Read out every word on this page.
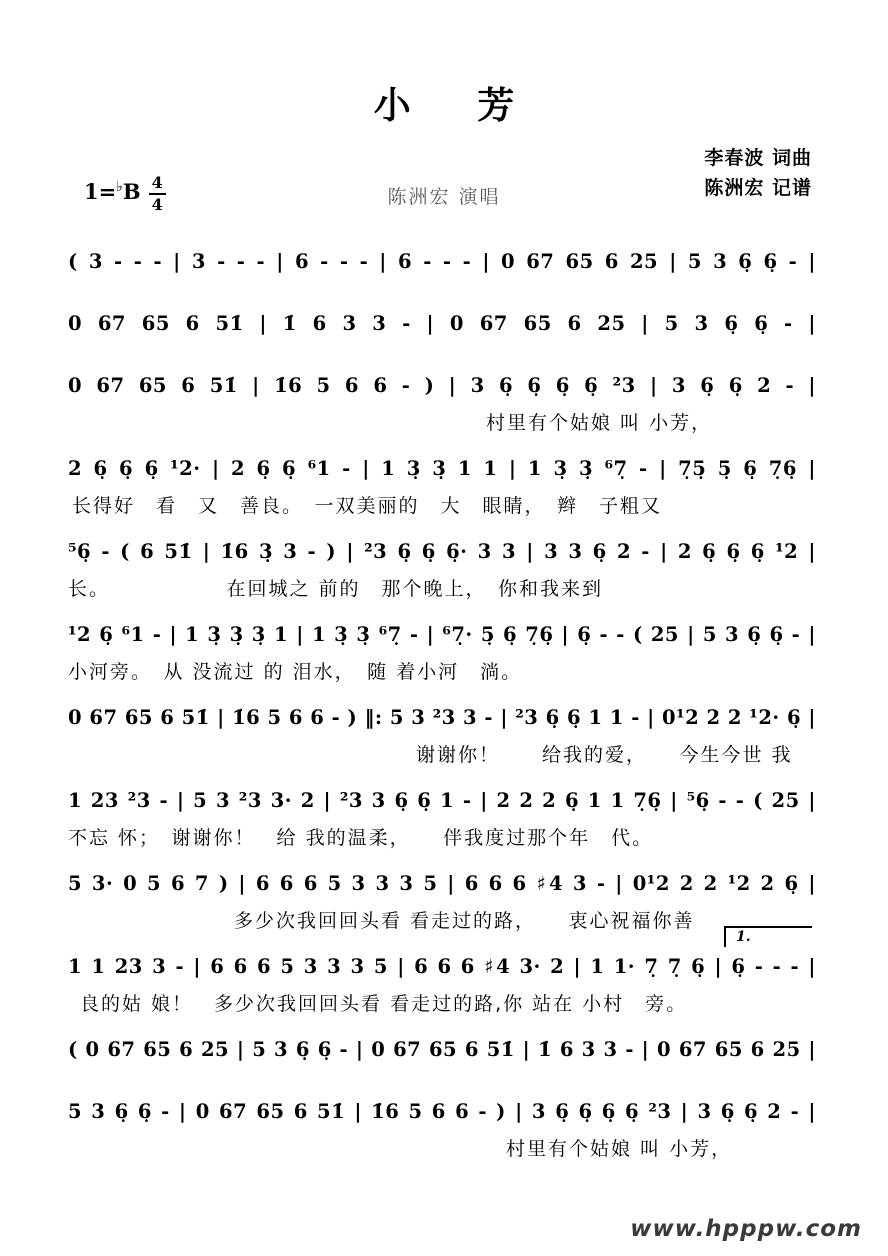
小芳
$1=^♭B \frac{4}{4}$	陈洲宏 演唱
李春波 词曲
陈洲宏 记谱
( 3 - - - | 3 - - - | 6 - - - | 6 - - - | 0 67 65 6 25 | 5 3 6̣ 6̣ - |
0 67 65 6 51̇ | 1̇ 6 3 3 - | 0 67 65 6 25 | 5 3 6̣ 6̣ - |
0 67 65 6 51̇ | 1̇6 5 6 6 - ) | 3 6̣ 6̣ 6̣ 6̣ ²3 | 3 6̣ 6̣ 2 - |
村里有个姑娘 叫 小芳，
2 6̣ 6̣ 6̣ ¹2· | 2 6̣ 6̣ ⁶1 - | 1 3̣ 3̣ 1 1 | 1 3̣ 3̣ ⁶7̣ - | 7̣5̣ 5̣ 6̣ 7̣6̣ |
长得好　看　又　善良。　一双美丽的　大　眼睛，　辫　子粗又
⁵6̣ - ( 6 51̇ | 1̇6 3̣ 3 - ) | ²3 6̣ 6̣ 6̣· 3 3 | 3 3 6̣ 2 - | 2 6̣ 6̣ 6̣ ¹2 |
长。　　　　　　在回城之 前的　那个晚上，　你和我来到
¹2 6̣ ⁶1 - | 1 3̣ 3̣ 3̣ 1 | 1 3̣ 3̣ ⁶7̣ - | ⁶7̣· 5̣ 6̣ 7̣6̣ | 6̣ - - ( 25 | 5 3 6̣ 6̣ - |
小河旁。　从 没流过 的 泪水，　随 着小河　淌。
0 67 65 6 51̇ | 1̇6 5 6 6 - ) ‖: 5 3 ²3 3 - | ²3 6̣ 6̣ 1 1 - | 0¹2 2 2 ¹2· 6̣ |
谢谢你！　　给我的爱，　　今生今世 我
1 23 ²3 - | 5 3 ²3 3· 2 | ²3 3 6̣ 6̣ 1 - | 2 2 2 6̣ 1 1 7̣6̣ | ⁵6̣ - - ( 25 |
不忘 怀；　谢谢你！　给 我的温柔，　　伴我度过那个年　代。
5 3· 0 5 6 7 ) | 6 6 6 5 3 3 3 5 | 6 6 6 ♯4 3 - | 0¹2 2 2 ¹2 2 6̣ |
多少次我回回头看 看走过的路，　　衷心祝福你善
1.
1 1 23 3 - | 6 6 6 5 3 3 3 5 | 6 6 6 ♯4 3· 2 | 1 1· 7̣ 7̣ 6̣ | 6̣ - - - |
良的姑 娘！　多少次我回回头看 看走过的路,你 站在 小村　旁。
( 0 67 65 6 25 | 5 3 6̣ 6̣ - | 0 67 65 6 51̇ | 1̇ 6 3 3 - | 0 67 65 6 25 |
5 3 6̣ 6̣ - | 0 67 65 6 51̇ | 1̇6 5 6 6 - ) | 3 6̣ 6̣ 6̣ 6̣ ²3 | 3 6̣ 6̣ 2 - |
村里有个姑娘 叫 小芳，
www.hpppw.com
